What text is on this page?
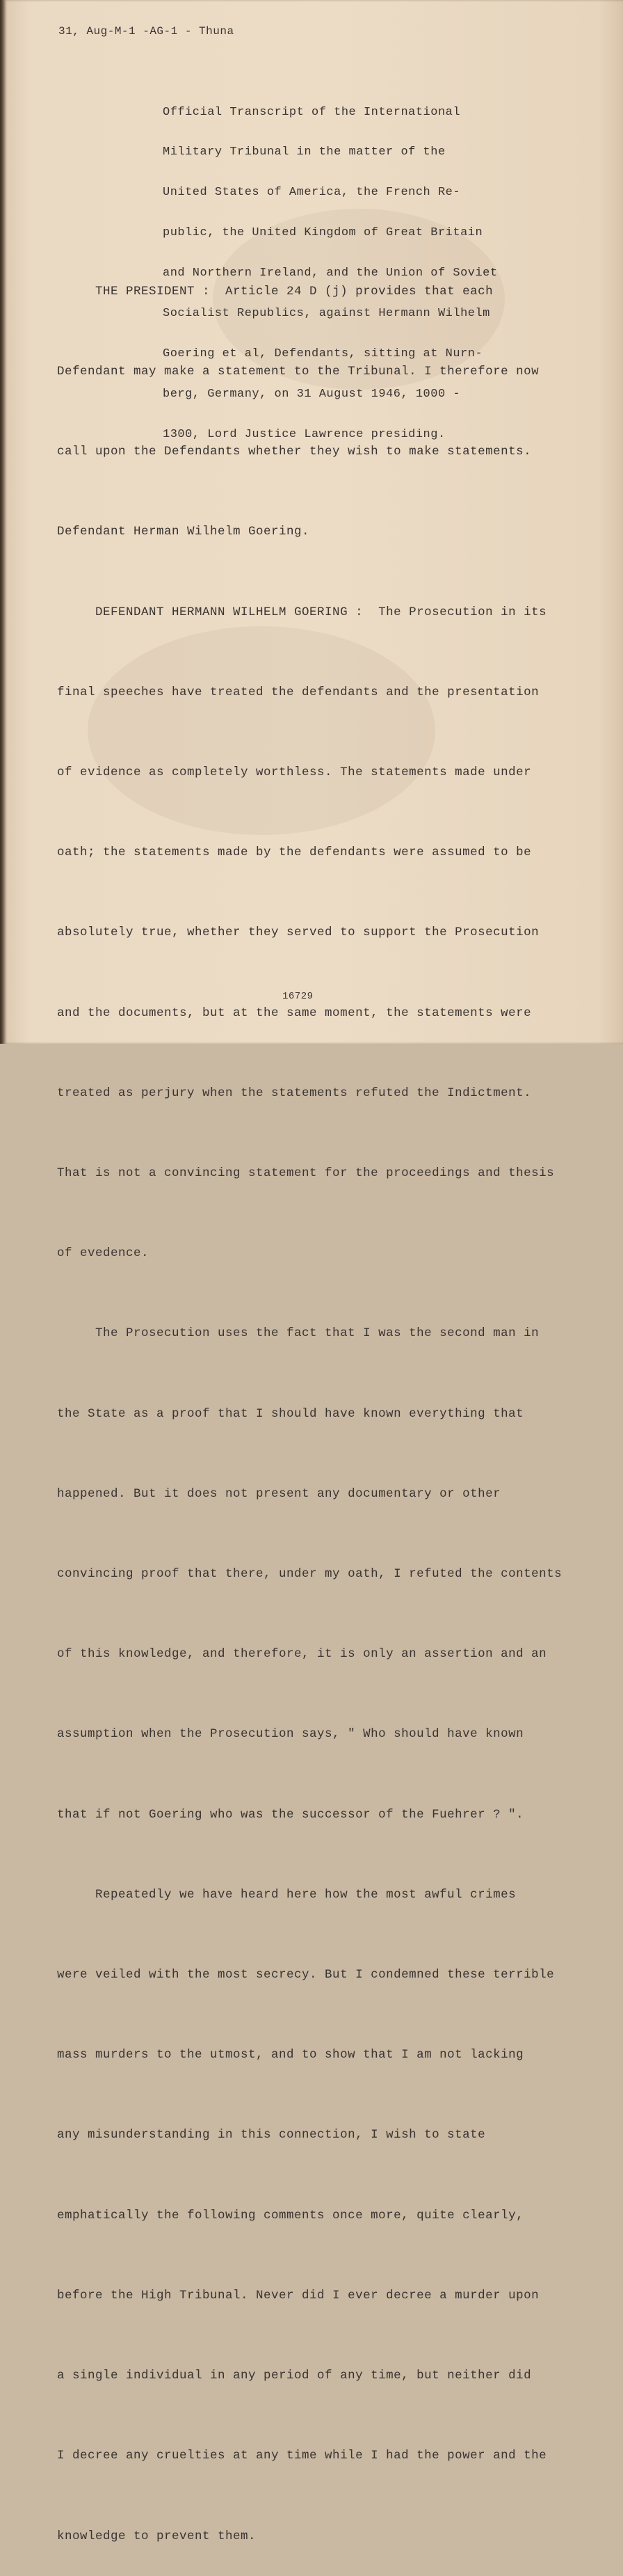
31, Aug-M-1 -AG-1 - Thuna

Official Transcript of the International

Military Tribunal in the matter of the

United States of America, the French Re-

public, the United Kingdom of Great Britain

and Northern Ireland, and the Union of Soviet

Socialist Republics, against Hermann Wilhelm

Goering et al, Defendants, sitting at Nurn-

berg, Germany, on 31 August 1946, 1000 -

1300, Lord Justice Lawrence presiding.

THE PRESIDENT :  Article 24 D (j) provides that each

Defendant may make a statement to the Tribunal. I therefore now

call upon the Defendants whether they wish to make statements.

Defendant Herman Wilhelm Goering.

DEFENDANT HERMANN WILHELM GOERING :  The Prosecution in its

final speeches have treated the defendants and the presentation

of evidence as completely worthless. The statements made under

oath; the statements made by the defendants were assumed to be

absolutely true, whether they served to support the Prosecution

and the documents, but at the same moment, the statements were

treated as perjury when the statements refuted the Indictment.

That is not a convincing statement for the proceedings and thesis

of evedence.

The Prosecution uses the fact that I was the second man in

the State as a proof that I should have known everything that

happened. But it does not present any documentary or other

convincing proof that there, under my oath, I refuted the contents

of this knowledge, and therefore, it is only an assertion and an

assumption when the Prosecution says, " Who should have known

that if not Goering who was the successor of the Fuehrer ? ".

Repeatedly we have heard here how the most awful crimes

were veiled with the most secrecy. But I condemned these terrible

mass murders to the utmost, and to show that I am not lacking

any misunderstanding in this connection, I wish to state

emphatically the following comments once more, quite clearly,

before the High Tribunal. Never did I ever decree a murder upon

a single individual in any period of any time, but neither did

I decree any cruelties at any time while I had the power and the

knowledge to prevent them.

16729
